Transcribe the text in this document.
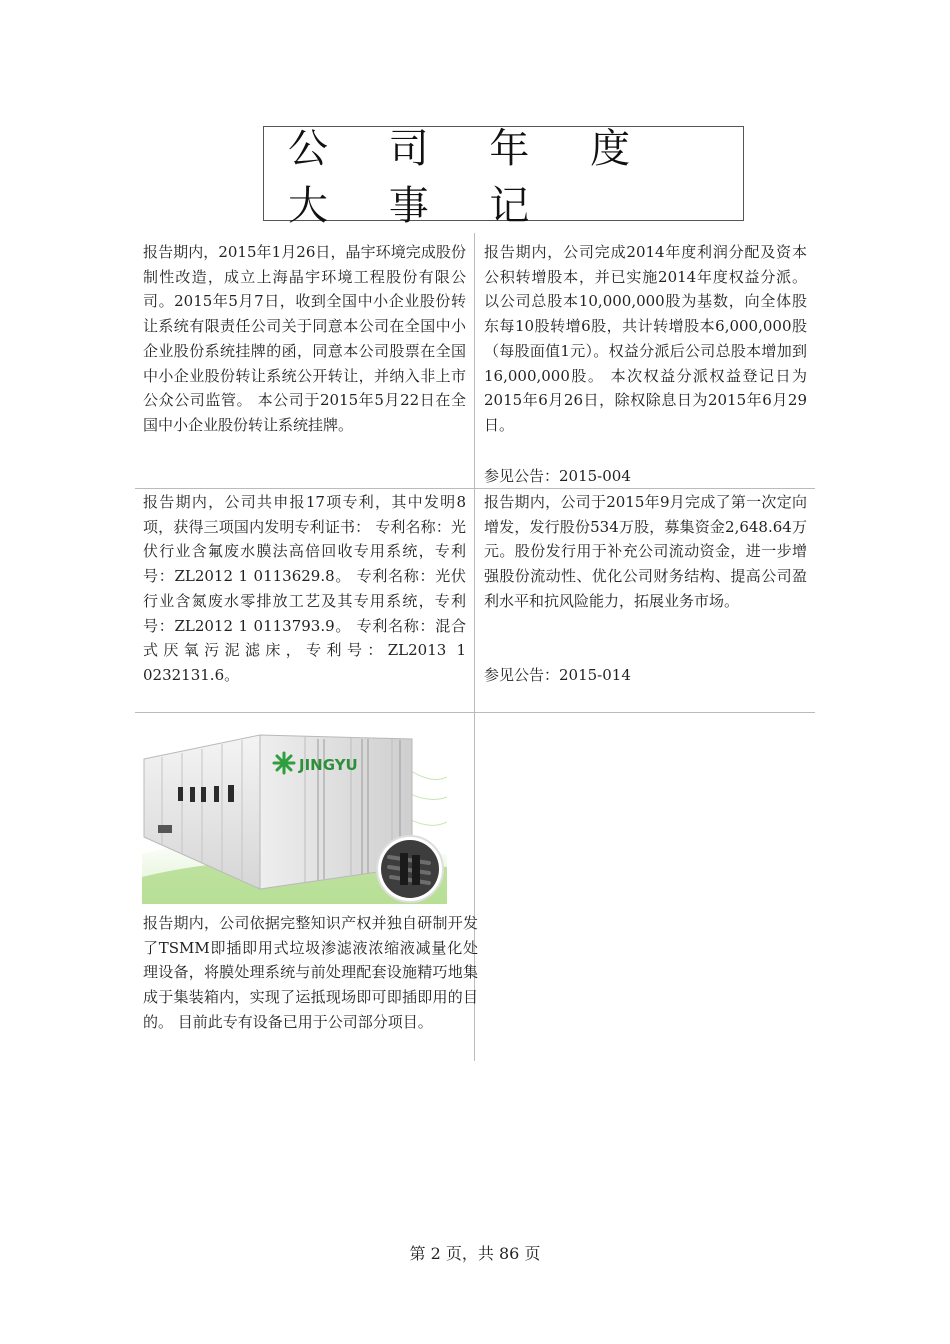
公 司 年 度 大 事 记

报告期内，2015年1月26日，晶宇环境完成股份制性改造，成立上海晶宇环境工程股份有限公司。2015年5月7日，收到全国中小企业股份转让系统有限责任公司关于同意本公司在全国中小企业股份系统挂牌的函，同意本公司股票在全国中小企业股份转让系统公开转让，并纳入非上市公众公司监管。 本公司于2015年5月22日在全国中小企业股份转让系统挂牌。

报告期内，公司完成2014年度利润分配及资本公积转增股本，并已实施2014年度权益分派。以公司总股本10,000,000股为基数，向全体股东每10股转增6股，共计转增股本6,000,000股（每股面值1元）。权益分派后公司总股本增加到16,000,000股。 本次权益分派权益登记日为2015年6月26日，除权除息日为2015年6月29日。

参见公告：2015-004

报告期内，公司共申报17项专利，其中发明8项，获得三项国内发明专利证书： 专利名称：光伏行业含氟废水膜法高倍回收专用系统，专利号：ZL2012 1 0113629.8。 专利名称：光伏行业含氮废水零排放工艺及其专用系统，专利号：ZL2012 1 0113793.9。 专利名称：混合式厌氧污泥滤床，专利号：ZL2013 1 0232131.6。

报告期内，公司于2015年9月完成了第一次定向增发，发行股份534万股，募集资金2,648.64万元。股份发行用于补充公司流动资金，进一步增强股份流动性、优化公司财务结构、提高公司盈利水平和抗风险能力，拓展业务市场。

参见公告：2015-014
JINGYU

报告期内，公司依据完整知识产权并独自研制开发了TSMM即插即用式垃圾渗滤液浓缩液减量化处理设备，将膜处理系统与前处理配套设施精巧地集成于集装箱内，实现了运抵现场即可即插即用的目的。 目前此专有设备已用于公司部分项目。

第 2 页，共 86 页
